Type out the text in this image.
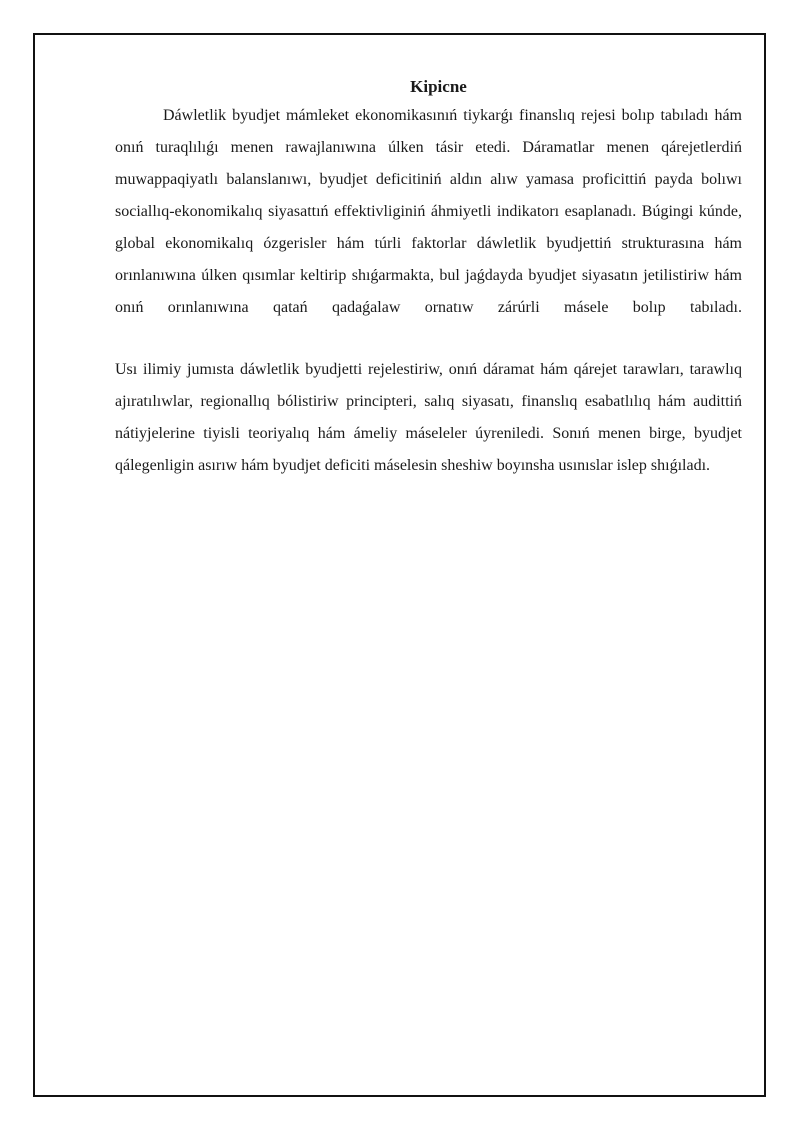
Kipicne

Dáwletlik byudjet mámleket ekonomikasınıń tiykarǵı finanslıq rejesi bolıp tabıladı hám onıń turaqlılıǵı menen rawajlanıwına úlken tásir etedi. Dáramatlar menen qárejetlerdiń muwappaqiyatlı balanslanıwı, byudjet deficitiniń aldın alıw yamasa proficittiń payda bolıwı sociallıq-ekonomikalıq siyasattıń effektivliginiń áhmiyetli indikatorı esaplanadı. Búgingi kúnde, global ekonomikalıq ózgerisler hám túrli faktorlar dáwletlik byudjettiń strukturasına hám orınlanıwına úlken qısımlar keltirip shıǵarmakta, bul jaǵdayda byudjet siyasatın jetilistiriw hám onıń orınlanıwına qatań qadaǵalaw ornatıw zárúrli másele bolıp tabıladı.

Usı ilimiy jumısta dáwletlik byudjetti rejelestiriw, onıń dáramat hám qárejet tarawları, tarawlıq ajıratılıwlar, regionallıq bólistiriw principteri, salıq siyasatı, finanslıq esabatlılıq hám audittiń nátiyjelerine tiyisli teoriyalıq hám ámeliy máseleler úyreniledi. Sonıń menen birge, byudjet qálegenligin asırıw hám byudjet deficiti máselesin sheshiw boyınsha usınıslar islep shıǵıladı.
